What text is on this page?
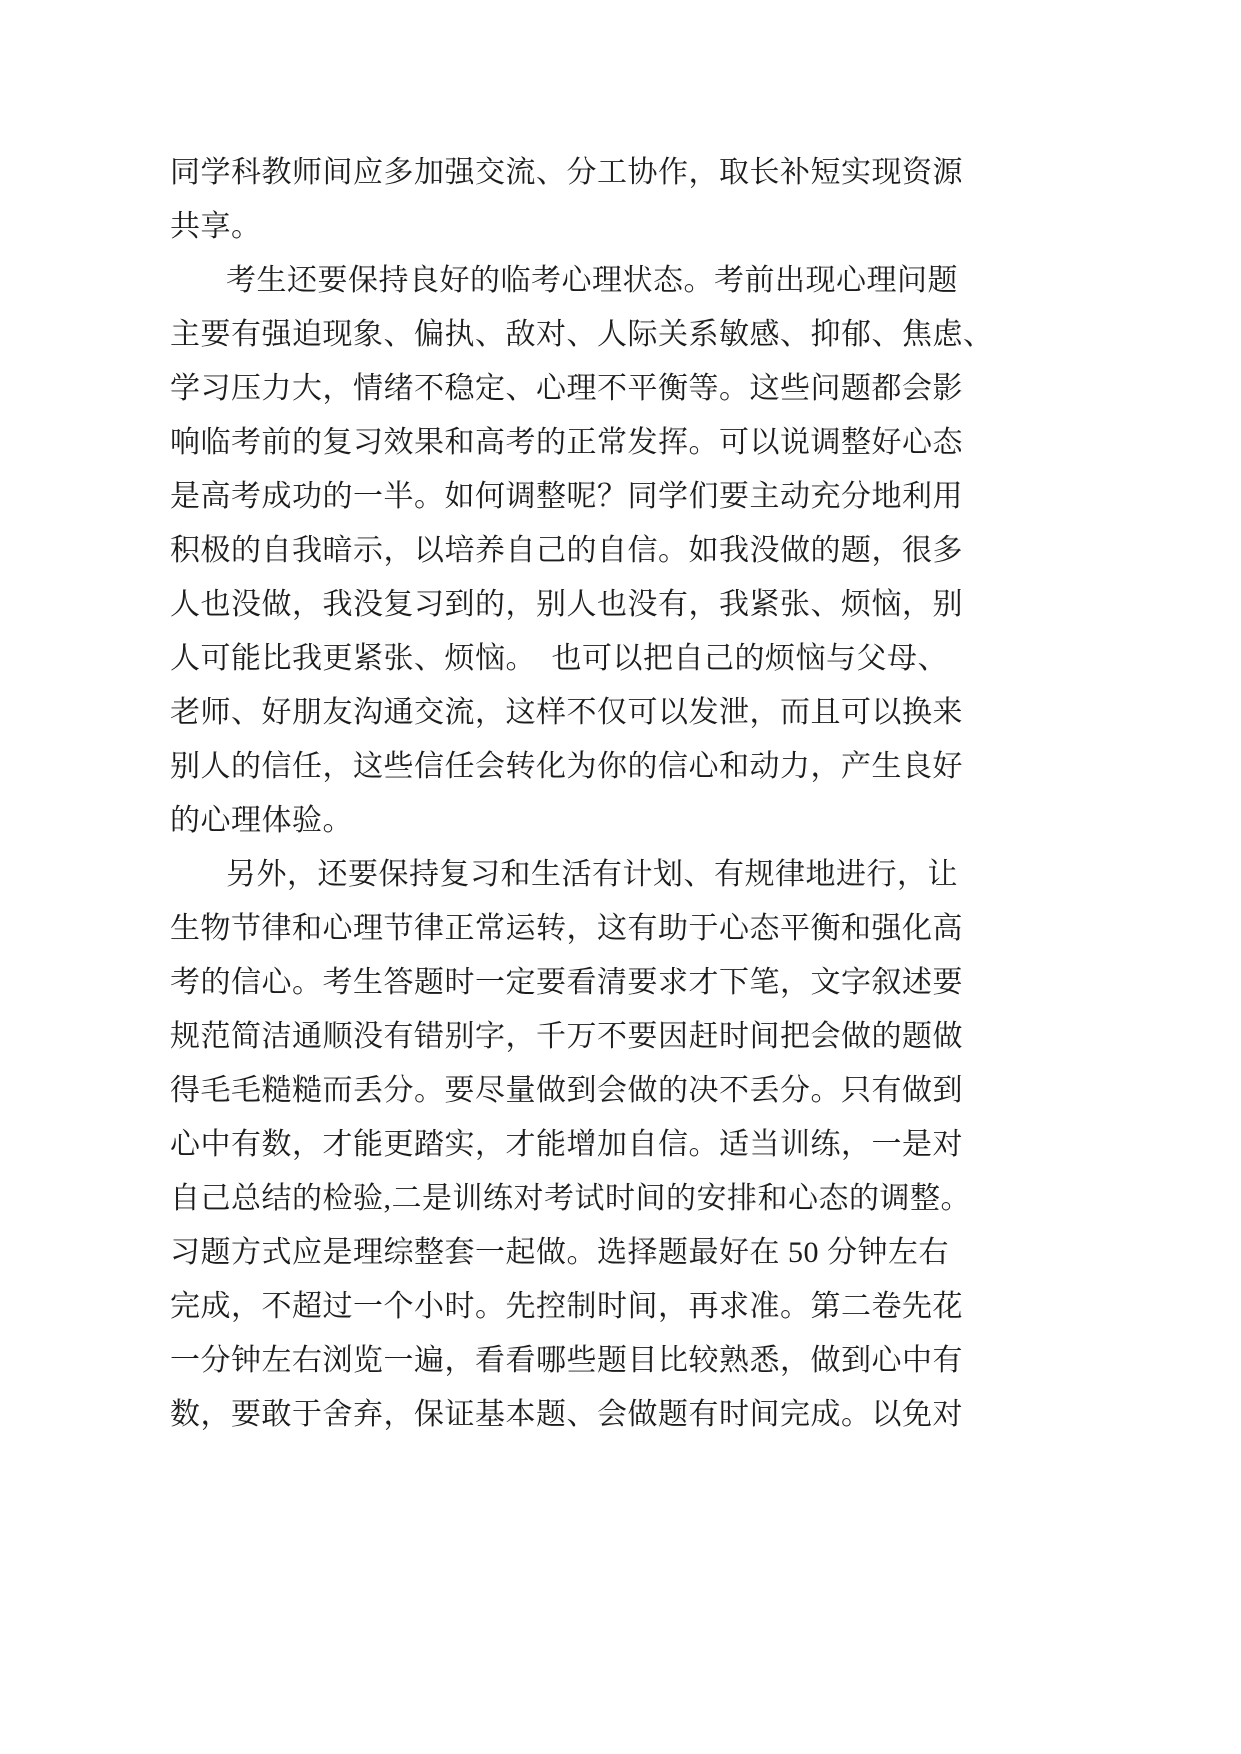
同学科教师间应多加强交流、分工协作，取长补短实现资源
共享。
考生还要保持良好的临考心理状态。考前出现心理问题
主要有强迫现象、偏执、敌对、人际关系敏感、抑郁、焦虑、
学习压力大，情绪不稳定、心理不平衡等。这些问题都会影
响临考前的复习效果和高考的正常发挥。可以说调整好心态
是高考成功的一半。如何调整呢？同学们要主动充分地利用
积极的自我暗示，以培养自己的自信。如我没做的题，很多
人也没做，我没复习到的，别人也没有，我紧张、烦恼，别
人可能比我更紧张、烦恼。　也可以把自己的烦恼与父母、
老师、好朋友沟通交流，这样不仅可以发泄，而且可以换来
别人的信任，这些信任会转化为你的信心和动力，产生良好
的心理体验。
另外，还要保持复习和生活有计划、有规律地进行，让
生物节律和心理节律正常运转，这有助于心态平衡和强化高
考的信心。考生答题时一定要看清要求才下笔，文字叙述要
规范简洁通顺没有错别字，千万不要因赶时间把会做的题做
得毛毛糙糙而丢分。要尽量做到会做的决不丢分。只有做到
心中有数，才能更踏实，才能增加自信。适当训练，一是对
自己总结的检验,二是训练对考试时间的安排和心态的调整。
习题方式应是理综整套一起做。选择题最好在 50 分钟左右
完成，不超过一个小时。先控制时间，再求准。第二卷先花
一分钟左右浏览一遍，看看哪些题目比较熟悉，做到心中有
数，要敢于舍弃，保证基本题、会做题有时间完成。以免对
